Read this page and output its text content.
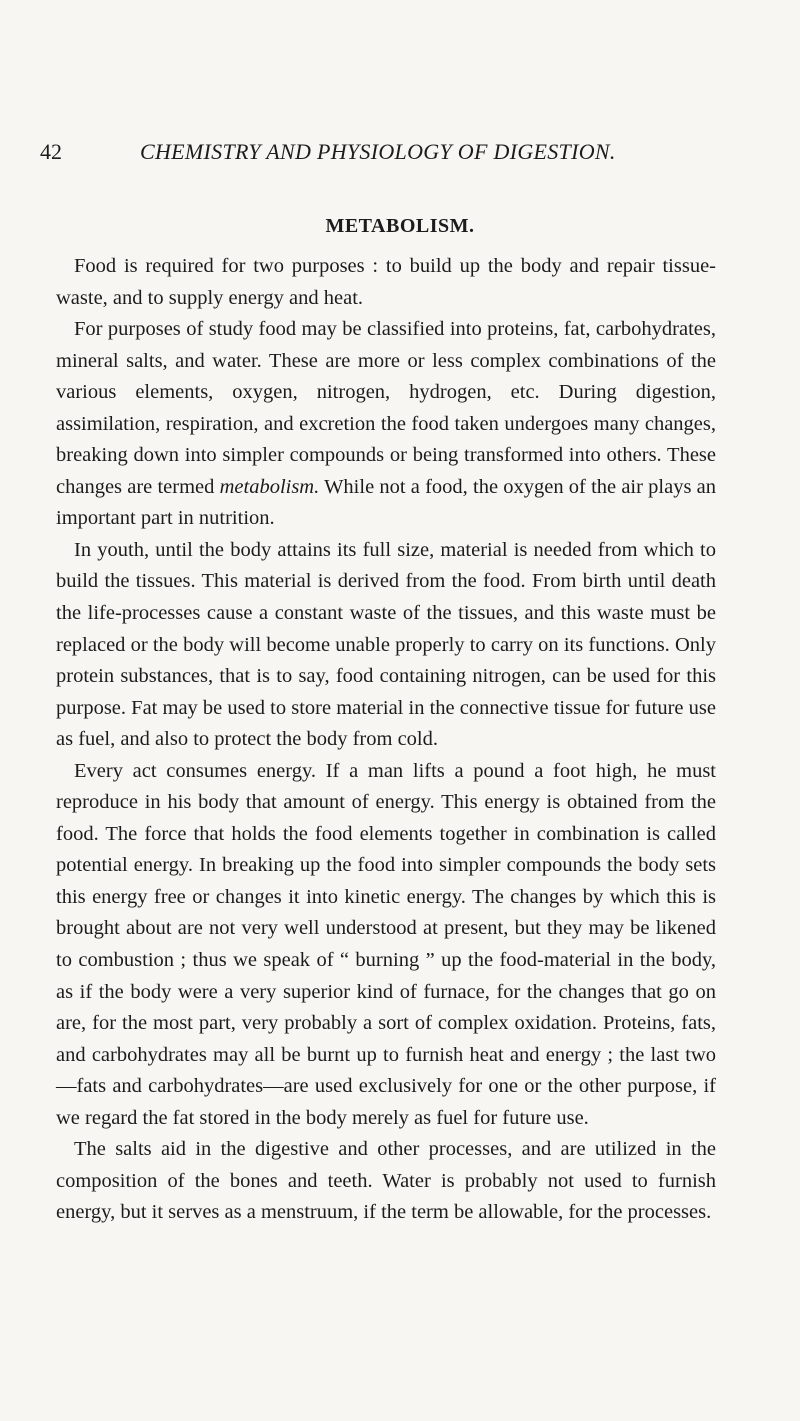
42	CHEMISTRY AND PHYSIOLOGY OF DIGESTION.
METABOLISM.

Food is required for two purposes : to build up the body and repair tissue-waste, and to supply energy and heat.

For purposes of study food may be classified into proteins, fat, carbohydrates, mineral salts, and water. These are more or less complex combinations of the various elements, oxygen, nitrogen, hydrogen, etc. During digestion, assimilation, respiration, and excretion the food taken undergoes many changes, breaking down into simpler compounds or being transformed into others. These changes are termed metabolism. While not a food, the oxygen of the air plays an important part in nutrition.

In youth, until the body attains its full size, material is needed from which to build the tissues. This material is derived from the food. From birth until death the life-processes cause a constant waste of the tissues, and this waste must be replaced or the body will become unable properly to carry on its functions. Only protein substances, that is to say, food containing nitrogen, can be used for this purpose. Fat may be used to store material in the connective tissue for future use as fuel, and also to protect the body from cold.

Every act consumes energy. If a man lifts a pound a foot high, he must reproduce in his body that amount of energy. This energy is obtained from the food. The force that holds the food elements together in combination is called potential energy. In breaking up the food into simpler compounds the body sets this energy free or changes it into kinetic energy. The changes by which this is brought about are not very well understood at present, but they may be likened to combustion ; thus we speak of “ burning ” up the food-material in the body, as if the body were a very superior kind of furnace, for the changes that go on are, for the most part, very probably a sort of complex oxidation. Proteins, fats, and carbohydrates may all be burnt up to furnish heat and energy ; the last two—fats and carbohydrates—are used exclusively for one or the other purpose, if we regard the fat stored in the body merely as fuel for future use.

The salts aid in the digestive and other processes, and are utilized in the composition of the bones and teeth. Water is probably not used to furnish energy, but it serves as a menstruum, if the term be allowable, for the processes.
